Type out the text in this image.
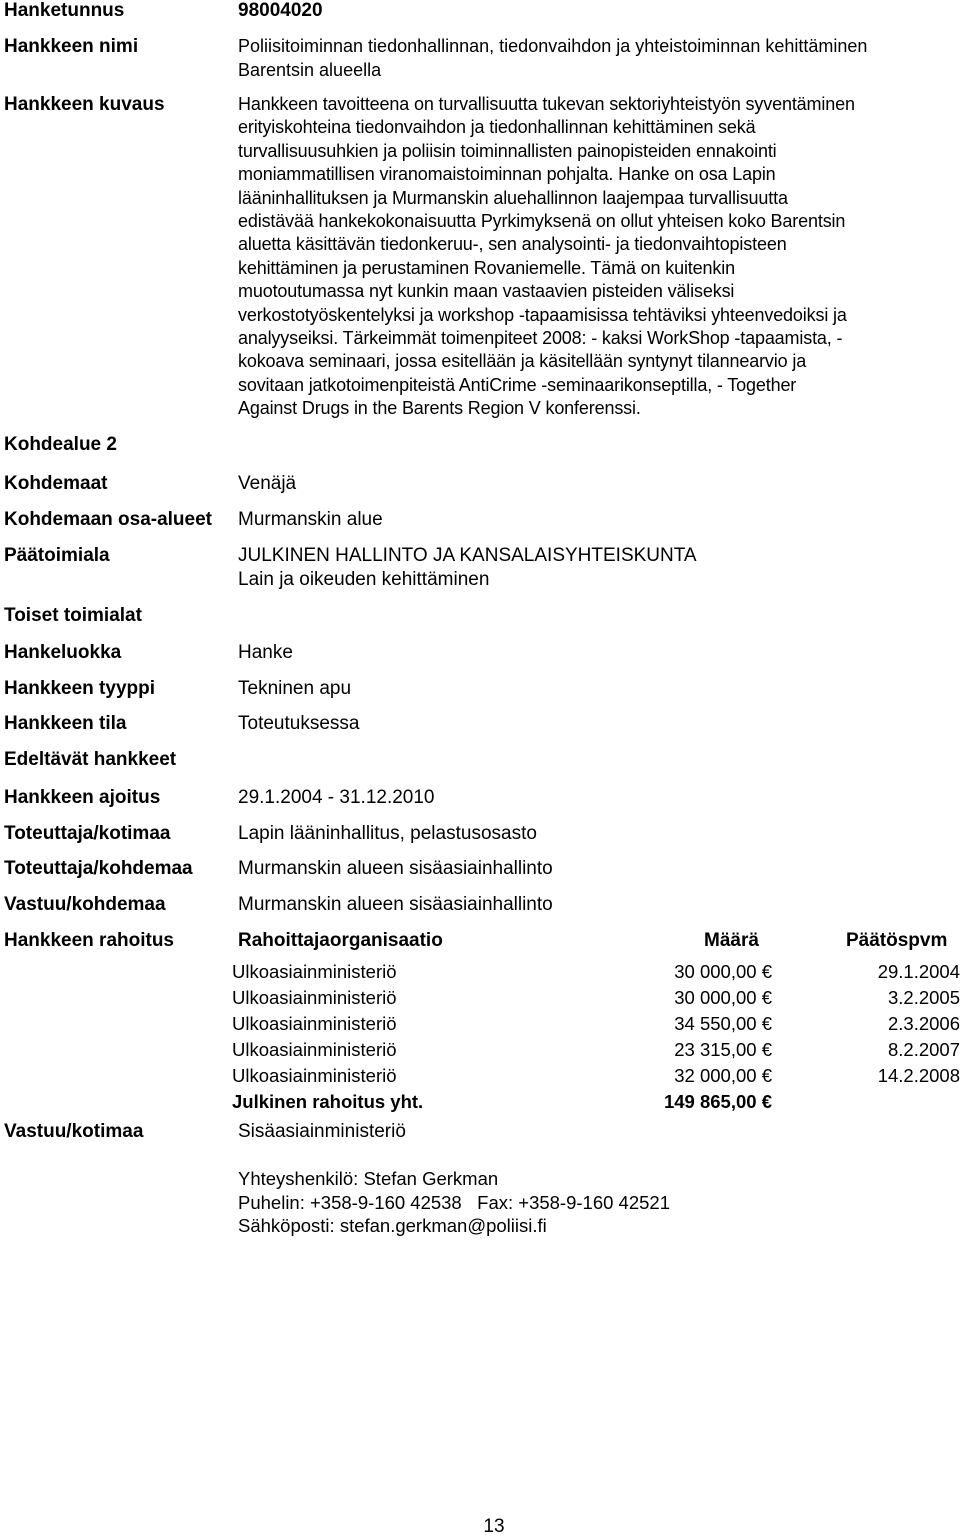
Hanketunnus	98004020
Hankkeen nimi	Poliisitoiminnan tiedonhallinnan, tiedonvaihdon ja yhteistoiminnan kehittäminen
Barentsin alueella
Hankkeen kuvaus	Hankkeen tavoitteena on turvallisuutta tukevan sektoriyhteistyön syventäminen
erityiskohteina tiedonvaihdon ja tiedonhallinnan kehittäminen sekä
turvallisuusuhkien ja poliisin toiminnallisten painopisteiden ennakointi
moniammatillisen viranomaistoiminnan pohjalta. Hanke on osa Lapin
lääninhallituksen ja Murmanskin aluehallinnon laajempaa turvallisuutta
edistävää hankekokonaisuutta Pyrkimyksenä on ollut yhteisen koko Barentsin
aluetta käsittävän tiedonkeruu-, sen analysointi- ja tiedonvaihtopisteen
kehittäminen ja perustaminen Rovaniemelle. Tämä on kuitenkin
muotoutumassa nyt kunkin maan vastaavien pisteiden väliseksi
verkostotyöskentelyksi ja workshop -tapaamisissa tehtäviksi yhteenvedoiksi ja
analyyseiksi. Tärkeimmät toimenpiteet 2008: - kaksi WorkShop -tapaamista, -
kokoava seminaari, jossa esitellään ja käsitellään syntynyt tilannearvio ja
sovitaan jatkotoimenpiteistä AntiCrime -seminaarikonseptilla, - Together
Against Drugs in the Barents Region V konferenssi.
Kohdealue 2
Kohdemaat	Venäjä
Kohdemaan osa-alueet Murmanskin alue
Päätoimiala	JULKINEN HALLINTO JA KANSALAISYHTEISKUNTA
Lain ja oikeuden kehittäminen
Toiset toimialat
Hankeluokka	Hanke
Hankkeen tyyppi	Tekninen apu
Hankkeen tila	Toteutuksessa
Edeltävät hankkeet
Hankkeen ajoitus	29.1.2004 - 31.12.2010
Toteuttaja/kotimaa	Lapin lääninhallitus, pelastusosasto
Toteuttaja/kohdemaa Murmanskin alueen sisäasiainhallinto
Vastuu/kohdemaa	Murmanskin alueen sisäasiainhallinto
Hankkeen rahoitus	Rahoittajaorganisaatio	Määrä	Päätöspvm
Ulkoasiainministeriö	30 000,00 €	29.1.2004
Ulkoasiainministeriö	30 000,00 €	3.2.2005
Ulkoasiainministeriö	34 550,00 €	2.3.2006
Ulkoasiainministeriö	23 315,00 €	8.2.2007
Ulkoasiainministeriö	32 000,00 €	14.2.2008
Julkinen rahoitus yht.	149 865,00 €
Vastuu/kotimaa	Sisäasiainministeriö
Yhteyshenkilö: Stefan Gerkman
Puhelin: +358-9-160 42538   Fax: +358-9-160 42521
Sähköposti: stefan.gerkman@poliisi.fi
13
